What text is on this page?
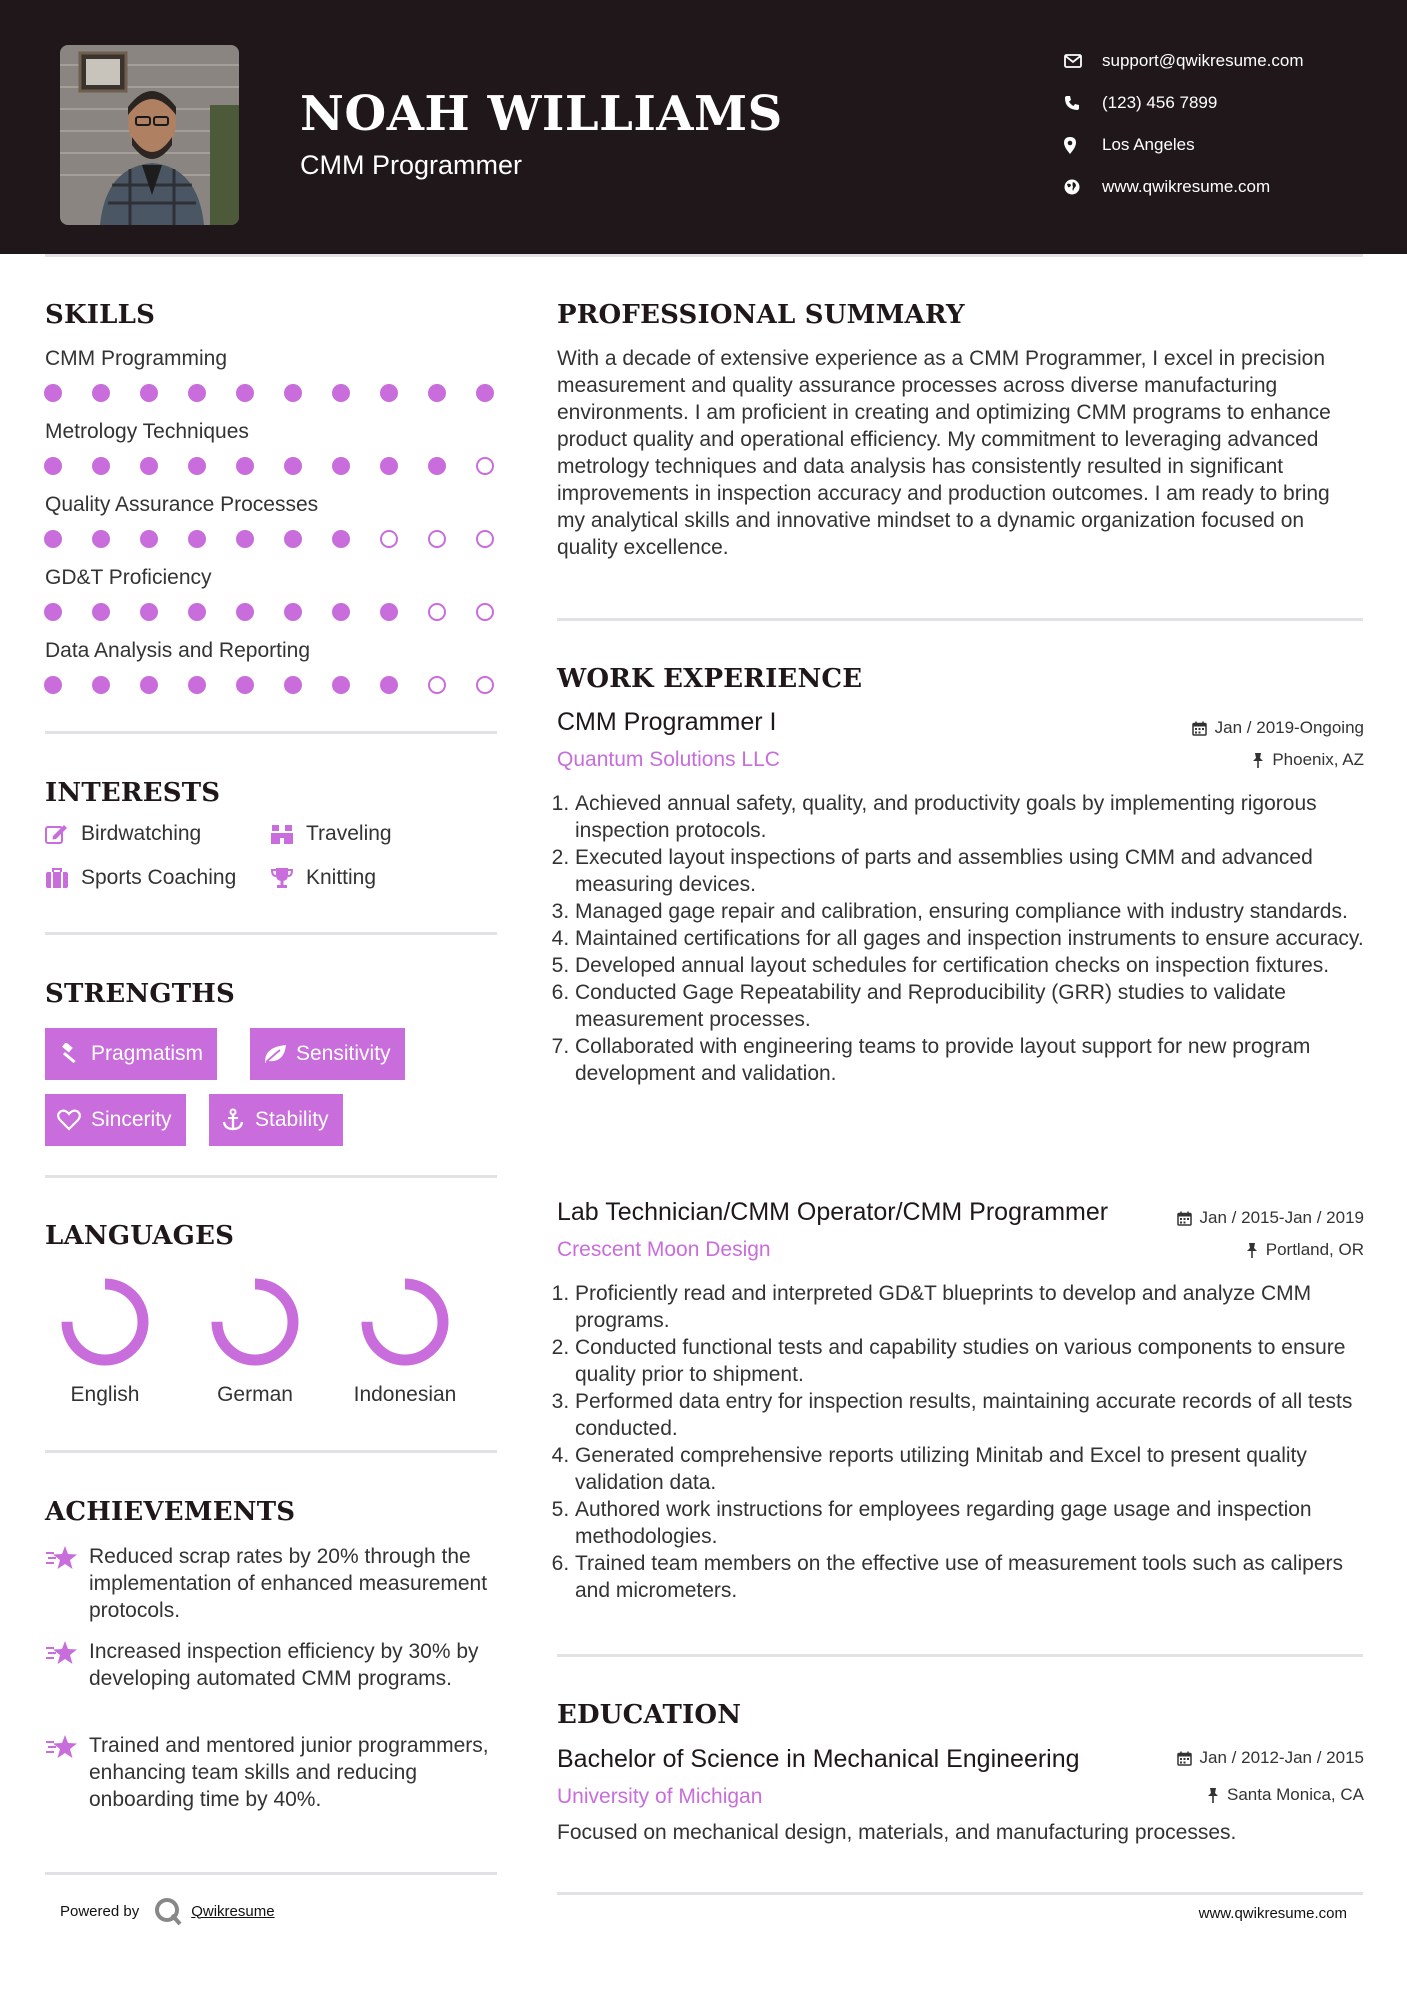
NOAH WILLIAMS
CMM Programmer
support@qwikresume.com
(123) 456 7899
Los Angeles
www.qwikresume.com
SKILLS
CMM Programming
Metrology Techniques
Quality Assurance Processes
GD&T Proficiency
Data Analysis and Reporting
INTERESTS
Birdwatching	Traveling
Sports Coaching	Knitting
STRENGTHS
Pragmatism	Sensitivity
Sincerity	Stability
LANGUAGES
English	German	Indonesian
ACHIEVEMENTS
Reduced scrap rates by 20% through the implementation of enhanced measurement protocols.
Increased inspection efficiency by 30% by developing automated CMM programs.
Trained and mentored junior programmers, enhancing team skills and reducing onboarding time by 40%.
PROFESSIONAL SUMMARY
With a decade of extensive experience as a CMM Programmer, I excel in precision measurement and quality assurance processes across diverse manufacturing environments. I am proficient in creating and optimizing CMM programs to enhance product quality and operational efficiency. My commitment to leveraging advanced metrology techniques and data analysis has consistently resulted in significant improvements in inspection accuracy and production outcomes. I am ready to bring my analytical skills and innovative mindset to a dynamic organization focused on quality excellence.
WORK EXPERIENCE
CMM Programmer I	Jan / 2019-Ongoing
Quantum Solutions LLC	Phoenix, AZ
1. Achieved annual safety, quality, and productivity goals by implementing rigorous inspection protocols.
2. Executed layout inspections of parts and assemblies using CMM and advanced measuring devices.
3. Managed gage repair and calibration, ensuring compliance with industry standards.
4. Maintained certifications for all gages and inspection instruments to ensure accuracy.
5. Developed annual layout schedules for certification checks on inspection fixtures.
6. Conducted Gage Repeatability and Reproducibility (GRR) studies to validate measurement processes.
7. Collaborated with engineering teams to provide layout support for new program development and validation.
Lab Technician/CMM Operator/CMM Programmer	Jan / 2015-Jan / 2019
Crescent Moon Design	Portland, OR
1. Proficiently read and interpreted GD&T blueprints to develop and analyze CMM programs.
2. Conducted functional tests and capability studies on various components to ensure quality prior to shipment.
3. Performed data entry for inspection results, maintaining accurate records of all tests conducted.
4. Generated comprehensive reports utilizing Minitab and Excel to present quality validation data.
5. Authored work instructions for employees regarding gage usage and inspection methodologies.
6. Trained team members on the effective use of measurement tools such as calipers and micrometers.
EDUCATION
Bachelor of Science in Mechanical Engineering	Jan / 2012-Jan / 2015
University of Michigan	Santa Monica, CA
Focused on mechanical design, materials, and manufacturing processes.
Powered by	Qwikresume	www.qwikresume.com
